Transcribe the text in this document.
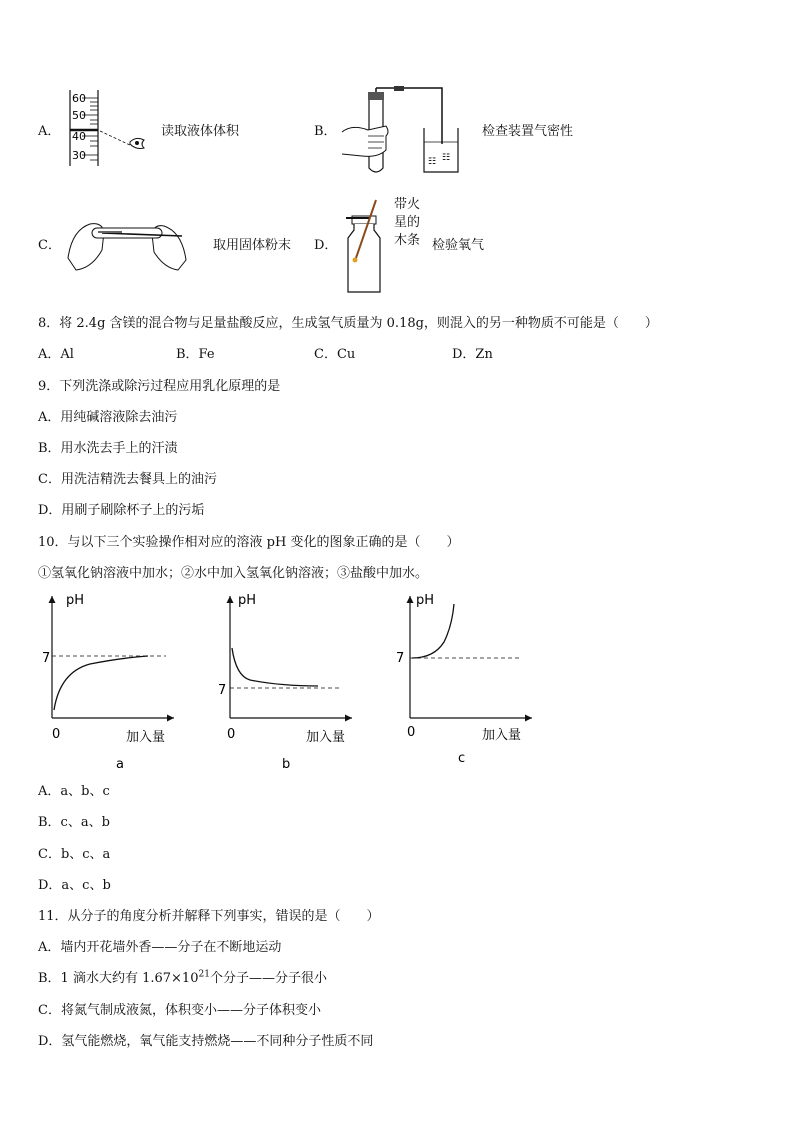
A．
60
50
40
30
读取液体体积	B．
☷ ☷
检查装置气密性
C．	取用固体粉末 D．
带火
星的
木条 检验氧气
8．将 2.4g 含镁的混合物与足量盐酸反应，生成氢气质量为 0.18g，则混入的另一种物质不可能是（　　）
A．Al	B．Fe	C．Cu	D．Zn
9．下列洗涤或除污过程应用乳化原理的是
A．用纯碱溶液除去油污
B．用水洗去手上的汗渍
C．用洗洁精洗去餐具上的油污
D．用刷子刷除杯子上的污垢
10．与以下三个实验操作相对应的溶液 pH 变化的图象正确的是（　　）
①氢氧化钠溶液中加水；②水中加入氢氧化钠溶液；③盐酸中加水。
pH
7
0	加入量
a
pH
7
0	加入量
b
pH
7
0	加入量
c
A．a、b、c
B．c、a、b
C．b、c、a
D．a、c、b
11．从分子的角度分析并解释下列事实，错误的是（　　）
A．墙内开花墙外香——分子在不断地运动
B．1 滴水大约有 $1.67\times 10^{21}$个分子——分子很小
C．将氮气制成液氮，体积变小——分子体积变小
D．氢气能燃烧，氧气能支持燃烧——不同种分子性质不同
